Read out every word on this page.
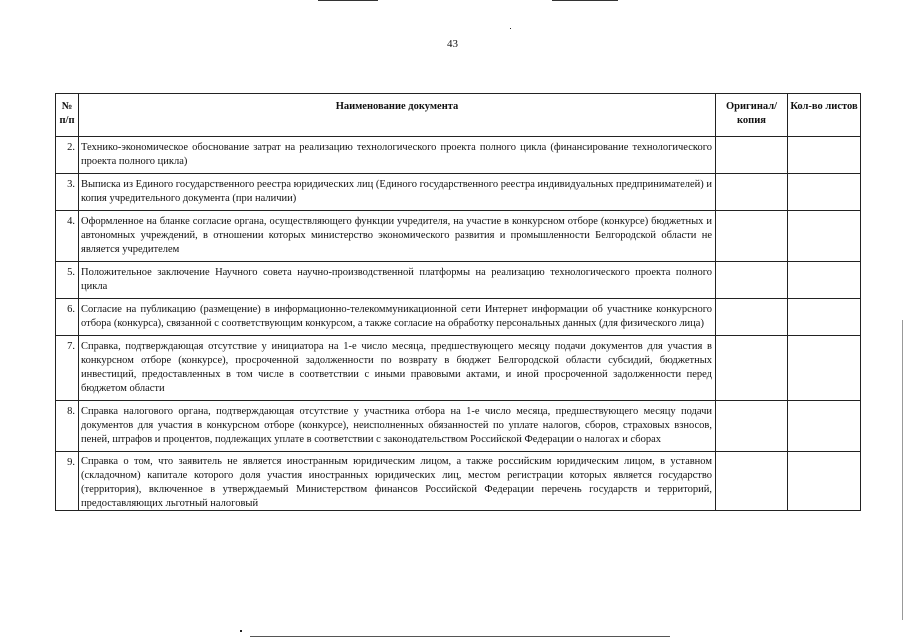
43
№ п/п	Наименование документа	Оригинал/ копия	Кол-во листов
2.	Технико-экономическое обоснование затрат на реализацию технологического проекта полного цикла (финансирование технологического проекта полного цикла)		
3.	Выписка из Единого государственного реестра юридических лиц (Единого государственного реестра индивидуальных предпринимателей) и копия учредительного документа (при наличии)		
4.	Оформленное на бланке согласие органа, осуществляющего функции учредителя, на участие в конкурсном отборе (конкурсе) бюджетных и автономных учреждений, в отношении которых министерство экономического развития и промышленности Белгородской области не является учредителем		
5.	Положительное заключение Научного совета научно-производственной платформы на реализацию технологического проекта полного цикла		
6.	Согласие на публикацию (размещение) в информационно-телекоммуникационной сети Интернет информации об участнике конкурсного отбора (конкурса), связанной с соответствующим конкурсом, а также согласие на обработку персональных данных (для физического лица)		
7.	Справка, подтверждающая отсутствие у инициатора на 1-е число месяца, предшествующего месяцу подачи документов для участия в конкурсном отборе (конкурсе), просроченной задолженности по возврату в бюджет Белгородской области субсидий, бюджетных инвестиций, предоставленных в том числе в соответствии с иными правовыми актами, и иной просроченной задолженности перед бюджетом области		
8.	Справка налогового органа, подтверждающая отсутствие у участника отбора на 1-е число месяца, предшествующего месяцу подачи документов для участия в конкурсном отборе (конкурсе), неисполненных обязанностей по уплате налогов, сборов, страховых взносов, пеней, штрафов и процентов, подлежащих уплате в соответствии с законодательством Российской Федерации о налогах и сборах		
9.	Справка о том, что заявитель не является иностранным юридическим лицом, а также российским юридическим лицом, в уставном (складочном) капитале которого доля участия иностранных юридических лиц, местом регистрации которых является государство (территория), включенное в утверждаемый Министерством финансов Российской Федерации перечень государств и территорий, предоставляющих льготный налоговый		
